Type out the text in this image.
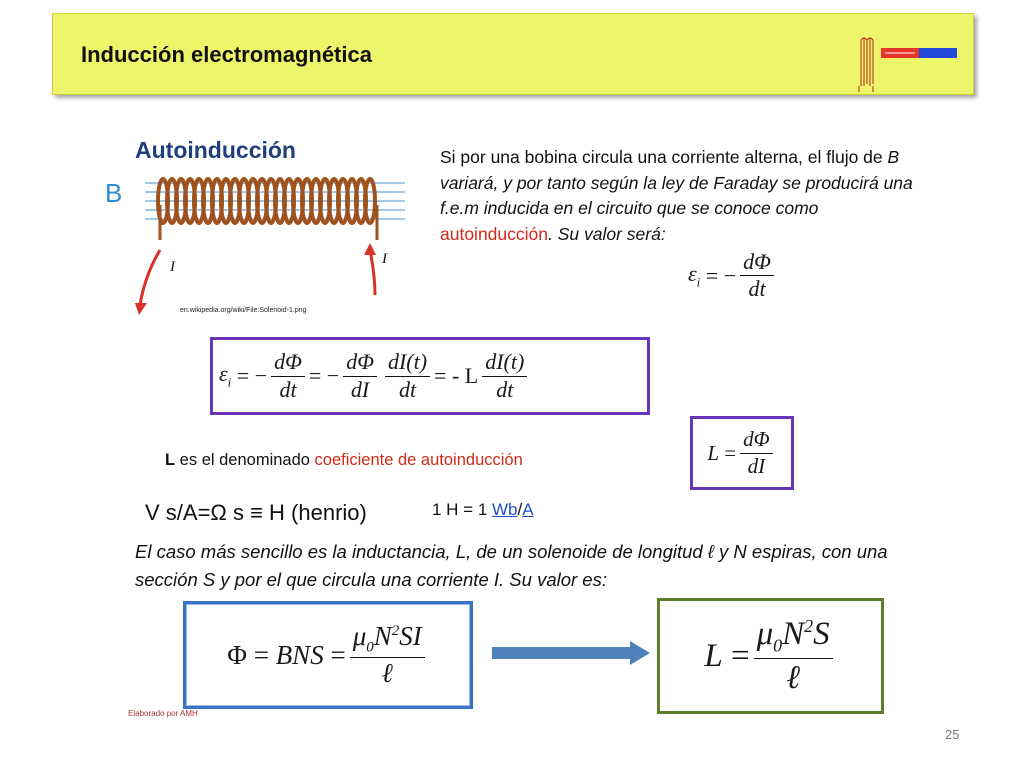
Inducción electromagnética
Autoinducción
B
I	I
en.wikipedia.org/wiki/File:Solenoid-1.png
Si por una bobina circula una corriente alterna, el flujo de B variará, y por tanto según la ley de Faraday se producirá una f.e.m inducida en el circuito que se conoce como autoinducción. Su valor será:
$\varepsilon_i$ = − $\frac{d\Phi}{dt}$
$\varepsilon_i$ = − $\frac{d\Phi}{dt}$ = − $\frac{d\Phi}{dI} \frac{dI(t)}{dt}$ = - L $\frac{dI(t)}{dt}$
$L = \frac{d\Phi}{dI}$
L es el denominado coeficiente de autoinducción
V s/A=Ω s ≡ H (henrio)	1 H = 1 Wb/A
El caso más sencillo es la inductancia, L, de un solenoide de longitud ℓ y N espiras, con una sección S y por el que circula una corriente I. Su valor es:
Φ = BNS = $\frac{\mu_0N^2SI}{\text{ℓ}}$	$L = \frac{\mu_0N^2S}{\text{ℓ}}$
Elaborado por AMH
25
